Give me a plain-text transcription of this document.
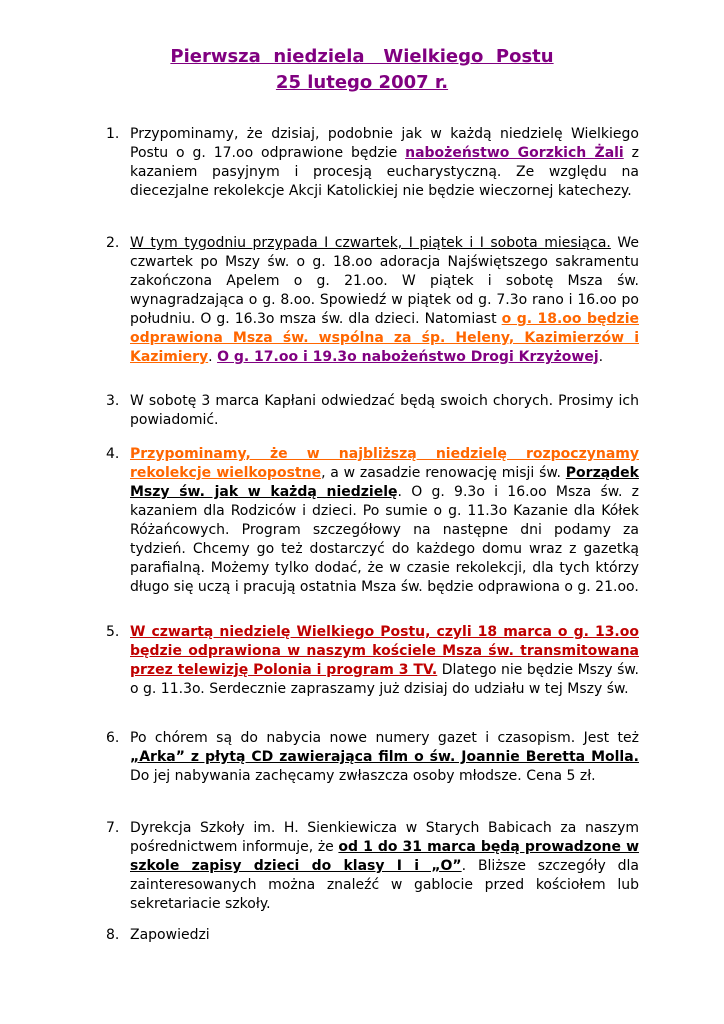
Pierwsza  niedziela   Wielkiego  Postu
25 lutego 2007 r.
1. Przypominamy, że dzisiaj, podobnie jak w każdą niedzielę Wielkiego Postu o g. 17.oo odprawione będzie nabożeństwo Gorzkich Żali z kazaniem pasyjnym i procesją eucharystyczną. Ze względu na diecezjalne rekolekcje Akcji Katolickiej nie będzie wieczornej katechezy.
2. W tym tygodniu przypada I czwartek, I piątek i I sobota miesiąca. We czwartek po Mszy św. o g. 18.oo adoracja Najświętszego sakramentu zakończona Apelem o g. 21.oo. W piątek i sobotę Msza św. wynagradzająca o g. 8.oo. Spowiedź w piątek od g. 7.3o rano i 16.oo po południu. O g. 16.3o msza św. dla dzieci. Natomiast o g. 18.oo będzie odprawiona Msza św. wspólna za śp. Heleny, Kazimierzów i Kazimiery. O g. 17.oo i 19.3o nabożeństwo Drogi Krzyżowej.
3. W sobotę 3 marca Kapłani odwiedzać będą swoich chorych. Prosimy ich powiadomić.
4. Przypominamy, że w najbliższą niedzielę rozpoczynamy rekolekcje wielkopostne, a w zasadzie renowację misji św. Porządek Mszy św. jak w każdą niedzielę. O g. 9.3o i 16.oo Msza św. z kazaniem dla Rodziców i dzieci. Po sumie o g. 11.3o Kazanie dla Kółek Różańcowych. Program szczegółowy na następne dni podamy za tydzień. Chcemy go też dostarczyć do każdego domu wraz z gazetką parafialną. Możemy tylko dodać, że w czasie rekolekcji, dla tych którzy długo się uczą i pracują ostatnia Msza św. będzie odprawiona o g. 21.oo.
5. W czwartą niedzielę Wielkiego Postu, czyli 18 marca o g. 13.oo będzie odprawiona w naszym kościele Msza św. transmitowana przez telewizję Polonia i program 3 TV. Dlatego nie będzie Mszy św. o g. 11.3o. Serdecznie zapraszamy już dzisiaj do udziału w tej Mszy św.
6. Po chórem są do nabycia nowe numery gazet i czasopism. Jest też „Arka” z płytą CD zawierająca film o św. Joannie Beretta Molla. Do jej nabywania zachęcamy zwłaszcza osoby młodsze. Cena 5 zł.
7. Dyrekcja Szkoły im. H. Sienkiewicza w Starych Babicach za naszym pośrednictwem informuje, że od 1 do 31 marca będą prowadzone w szkole zapisy dzieci do klasy I i „O”. Bliższe szczegóły dla zainteresowanych można znaleźć w gablocie przed kościołem lub sekretariacie szkoły.
8. Zapowiedzi
